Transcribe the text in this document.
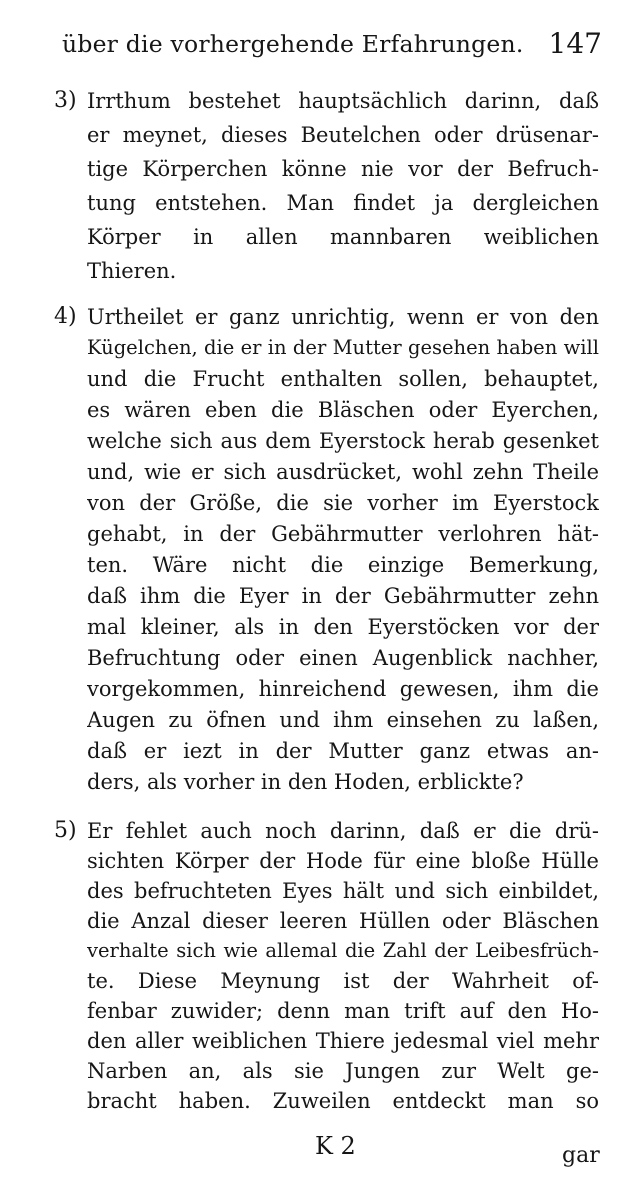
über die vorhergehende Erfahrungen. 147
3) Irrthum bestehet hauptsächlich darinn, daß
er meynet, dieses Beutelchen oder drüsenar-
tige Körperchen könne nie vor der Befruch-
tung entstehen. Man findet ja dergleichen
Körper in allen mannbaren weiblichen
Thieren.
4) Urtheilet er ganz unrichtig, wenn er von den
Kügelchen, die er in der Mutter gesehen haben will
und die Frucht enthalten sollen, behauptet,
es wären eben die Bläschen oder Eyerchen,
welche sich aus dem Eyerstock herab gesenket
und, wie er sich ausdrücket, wohl zehn Theile
von der Größe, die sie vorher im Eyerstock
gehabt, in der Gebährmutter verlohren hät-
ten. Wäre nicht die einzige Bemerkung,
daß ihm die Eyer in der Gebährmutter zehn
mal kleiner, als in den Eyerstöcken vor der
Befruchtung oder einen Augenblick nachher,
vorgekommen, hinreichend gewesen, ihm die
Augen zu öfnen und ihm einsehen zu laßen,
daß er iezt in der Mutter ganz etwas an-
ders, als vorher in den Hoden, erblickte?
5) Er fehlet auch noch darinn, daß er die drü-
sichten Körper der Hode für eine bloße Hülle
des befruchteten Eyes hält und sich einbildet,
die Anzal dieser leeren Hüllen oder Bläschen
verhalte sich wie allemal die Zahl der Leibesfrüch-
te. Diese Meynung ist der Wahrheit of-
fenbar zuwider; denn man trift auf den Ho-
den aller weiblichen Thiere jedesmal viel mehr
Narben an, als sie Jungen zur Welt ge-
bracht haben. Zuweilen entdeckt man so
K 2	gar
